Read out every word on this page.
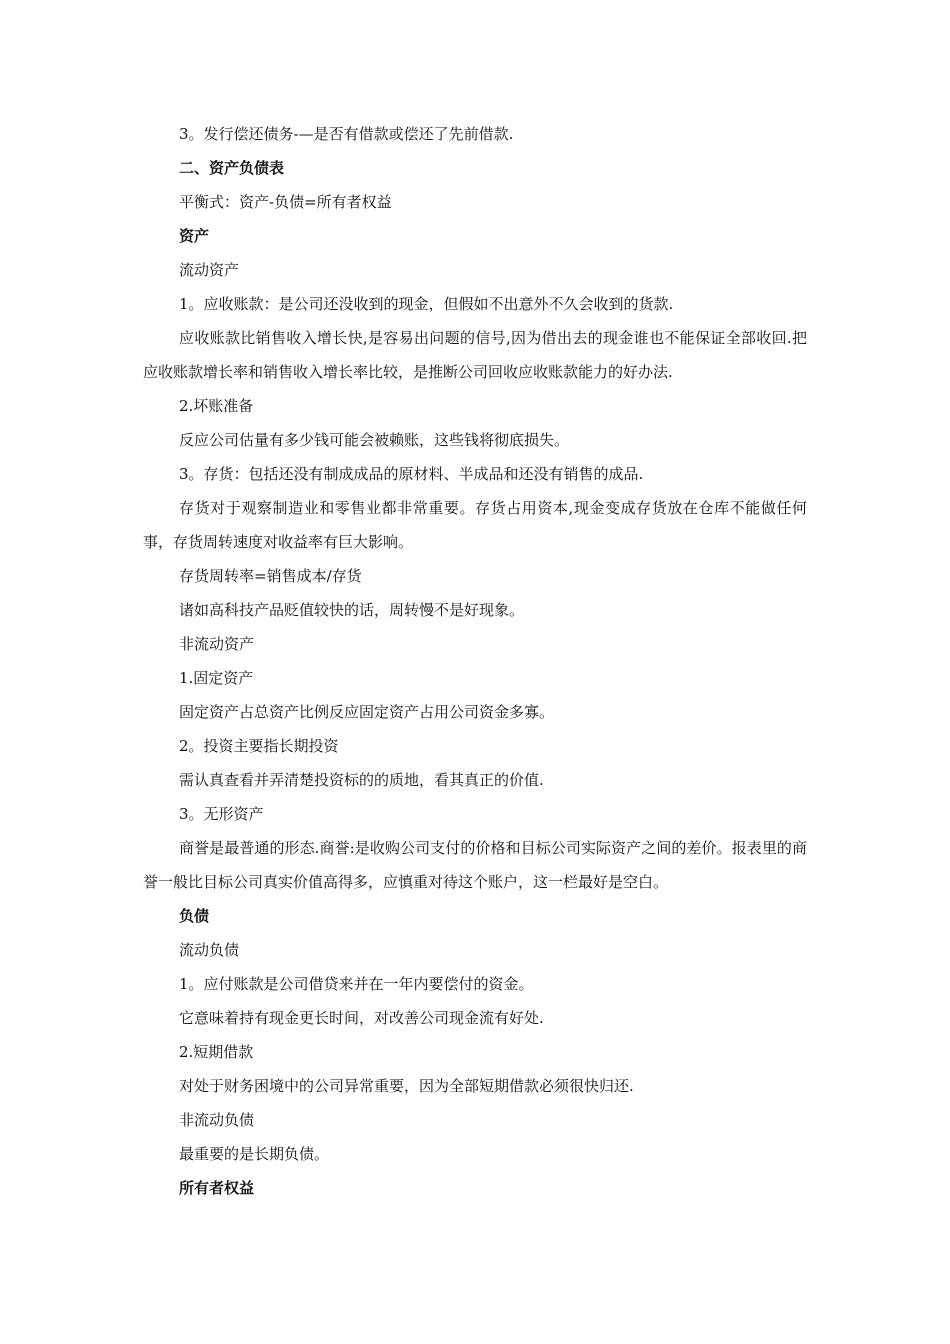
3。发行偿还债务-—是否有借款或偿还了先前借款.

二、资产负债表

平衡式：资产-负债=所有者权益

资产

流动资产

1。应收账款：是公司还没收到的现金，但假如不出意外不久会收到的货款.

应收账款比销售收入增长快,是容易出问题的信号,因为借出去的现金谁也不能保证全部收回.把应收账款增长率和销售收入增长率比较，是推断公司回收应收账款能力的好办法.

2.坏账准备

反应公司估量有多少钱可能会被赖账，这些钱将彻底损失。

3。存货：包括还没有制成成品的原材料、半成品和还没有销售的成品.

存货对于观察制造业和零售业都非常重要。存货占用资本,现金变成存货放在仓库不能做任何事，存货周转速度对收益率有巨大影响。

存货周转率=销售成本/存货

诸如高科技产品贬值较快的话，周转慢不是好现象。

非流动资产

1.固定资产

固定资产占总资产比例反应固定资产占用公司资金多寡。

2。投资主要指长期投资

需认真查看并弄清楚投资标的的质地，看其真正的价值.

3。无形资产

商誉是最普通的形态.商誉:是收购公司支付的价格和目标公司实际资产之间的差价。报表里的商誉一般比目标公司真实价值高得多，应慎重对待这个账户，这一栏最好是空白。

负债

流动负债

1。应付账款是公司借贷来并在一年内要偿付的资金。

它意味着持有现金更长时间，对改善公司现金流有好处.

2.短期借款

对处于财务困境中的公司异常重要，因为全部短期借款必须很快归还.

非流动负债

最重要的是长期负债。

所有者权益
